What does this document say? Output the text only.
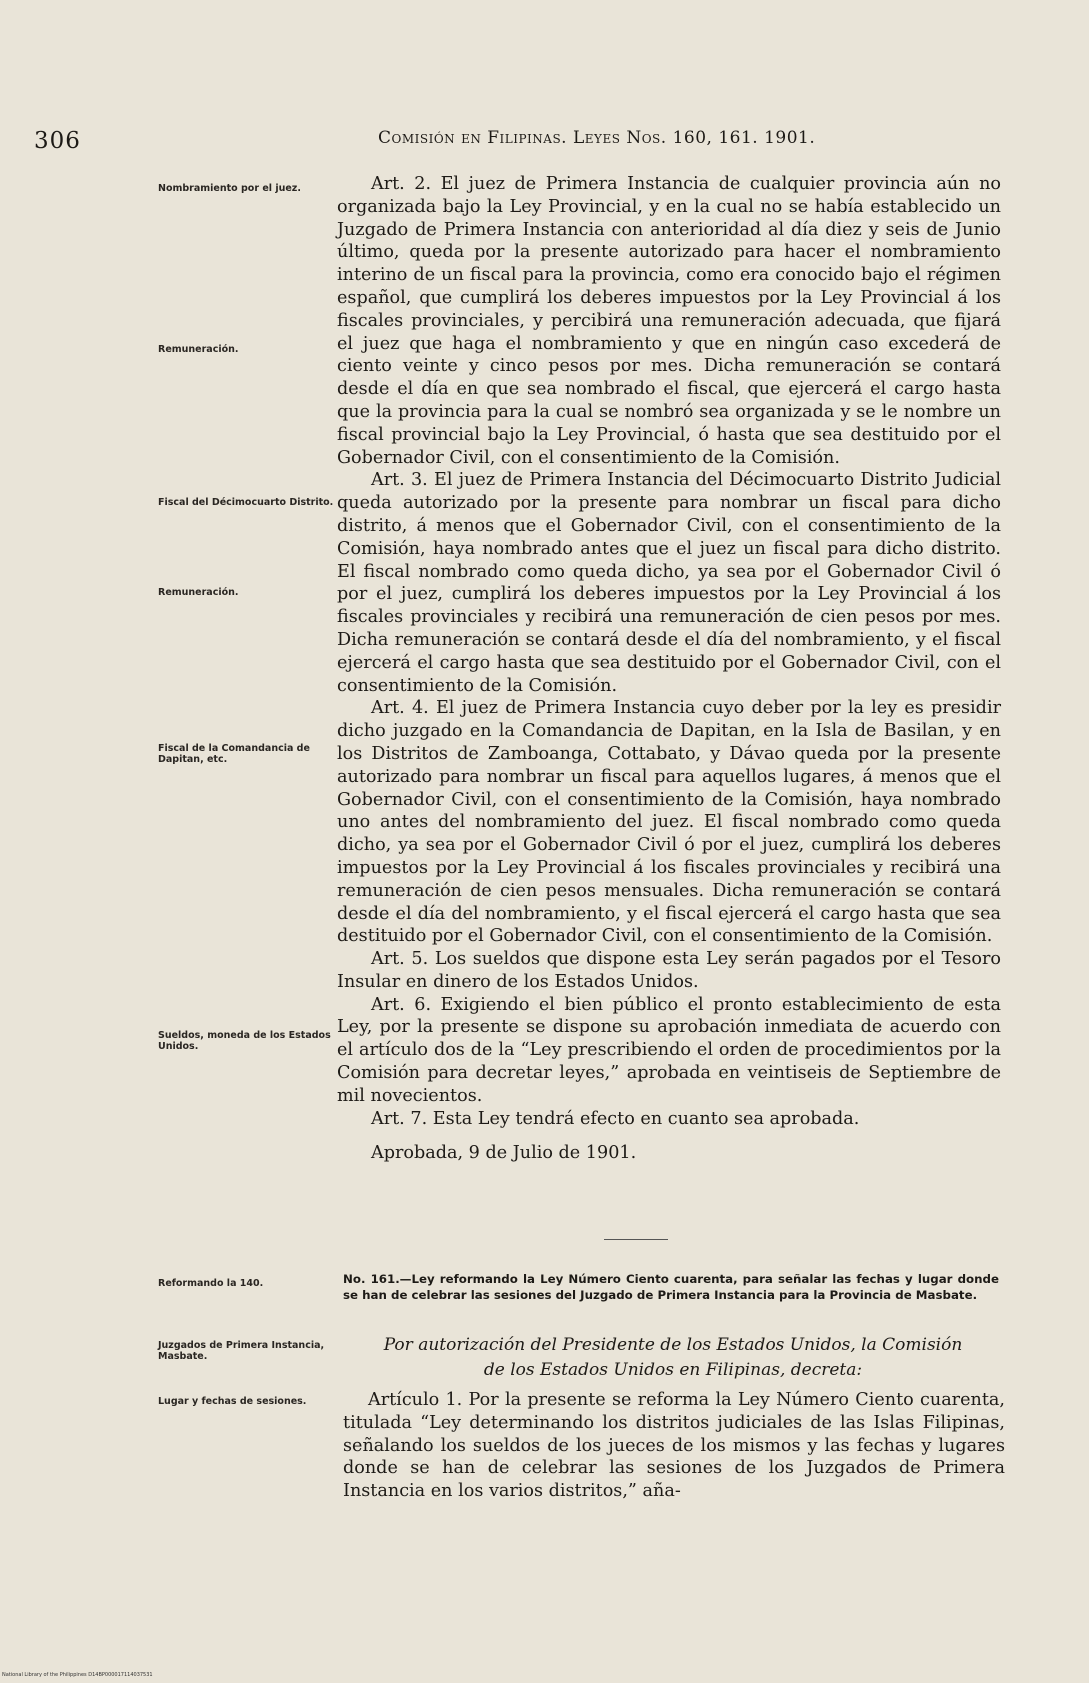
306	Comisión en Filipinas. Leyes Nos. 160, 161. 1901.
Nombramiento por el juez.
Remuneración.
Fiscal del Décimocuarto Distrito.
Remuneración.
Fiscal de la Comandancia de Dapitan, etc.
Sueldos, moneda de los Estados Unidos.
Reformando la 140.
Juzgados de Primera Instancia, Masbate.
Lugar y fechas de sesiones.

Art. 2. El juez de Primera Instancia de cualquier provincia aún no organizada bajo la Ley Provincial, y en la cual no se había establecido un Juzgado de Primera Instancia con anterioridad al día diez y seis de Junio último, queda por la presente autorizado para hacer el nombramiento interino de un fiscal para la provincia, como era conocido bajo el régimen español, que cumplirá los deberes impuestos por la Ley Provincial á los fiscales provinciales, y percibirá una remuneración adecuada, que fijará el juez que haga el nombramiento y que en ningún caso excederá de ciento veinte y cinco pesos por mes. Dicha remuneración se contará desde el día en que sea nombrado el fiscal, que ejercerá el cargo hasta que la provincia para la cual se nombró sea organizada y se le nombre un fiscal provincial bajo la Ley Provincial, ó hasta que sea destituido por el Gobernador Civil, con el consentimiento de la Comisión.

Art. 3. El juez de Primera Instancia del Décimocuarto Distrito Judicial queda autorizado por la presente para nombrar un fiscal para dicho distrito, á menos que el Gobernador Civil, con el consentimiento de la Comisión, haya nombrado antes que el juez un fiscal para dicho distrito. El fiscal nombrado como queda dicho, ya sea por el Gobernador Civil ó por el juez, cumplirá los deberes impuestos por la Ley Provincial á los fiscales provinciales y recibirá una remuneración de cien pesos por mes. Dicha remuneración se contará desde el día del nombramiento, y el fiscal ejercerá el cargo hasta que sea destituido por el Gobernador Civil, con el consentimiento de la Comisión.

Art. 4. El juez de Primera Instancia cuyo deber por la ley es presidir dicho juzgado en la Comandancia de Dapitan, en la Isla de Basilan, y en los Distritos de Zamboanga, Cottabato, y Dávao queda por la presente autorizado para nombrar un fiscal para aquellos lugares, á menos que el Gobernador Civil, con el consentimiento de la Comisión, haya nombrado uno antes del nombramiento del juez. El fiscal nombrado como queda dicho, ya sea por el Gobernador Civil ó por el juez, cumplirá los deberes impuestos por la Ley Provincial á los fiscales provinciales y recibirá una remuneración de cien pesos mensuales. Dicha remuneración se contará desde el día del nombramiento, y el fiscal ejercerá el cargo hasta que sea destituido por el Gobernador Civil, con el consentimiento de la Comisión.

Art. 5. Los sueldos que dispone esta Ley serán pagados por el Tesoro Insular en dinero de los Estados Unidos.

Art. 6. Exigiendo el bien público el pronto establecimiento de esta Ley, por la presente se dispone su aprobación inmediata de acuerdo con el artículo dos de la “Ley prescribiendo el orden de procedimientos por la Comisión para decretar leyes,” aprobada en veintiseis de Septiembre de mil novecientos.

Art. 7. Esta Ley tendrá efecto en cuanto sea aprobada.

Aprobada, 9 de Julio de 1901.

No. 161.—Ley reformando la Ley Número Ciento cuarenta, para señalar las fechas y lugar donde se han de celebrar las sesiones del Juzgado de Primera Instancia para la Provincia de Masbate.
Por autorización del Presidente de los Estados Unidos, la Comisión
de los Estados Unidos en Filipinas, decreta:

Artículo 1. Por la presente se reforma la Ley Número Ciento cuarenta, titulada “Ley determinando los distritos judiciales de las Islas Filipinas, señalando los sueldos de los jueces de los mismos y las fechas y lugares donde se han de celebrar las sesiones de los Juzgados de Primera Instancia en los varios distritos,” aña-

National Library of the Philippines D14BP000017114037531
